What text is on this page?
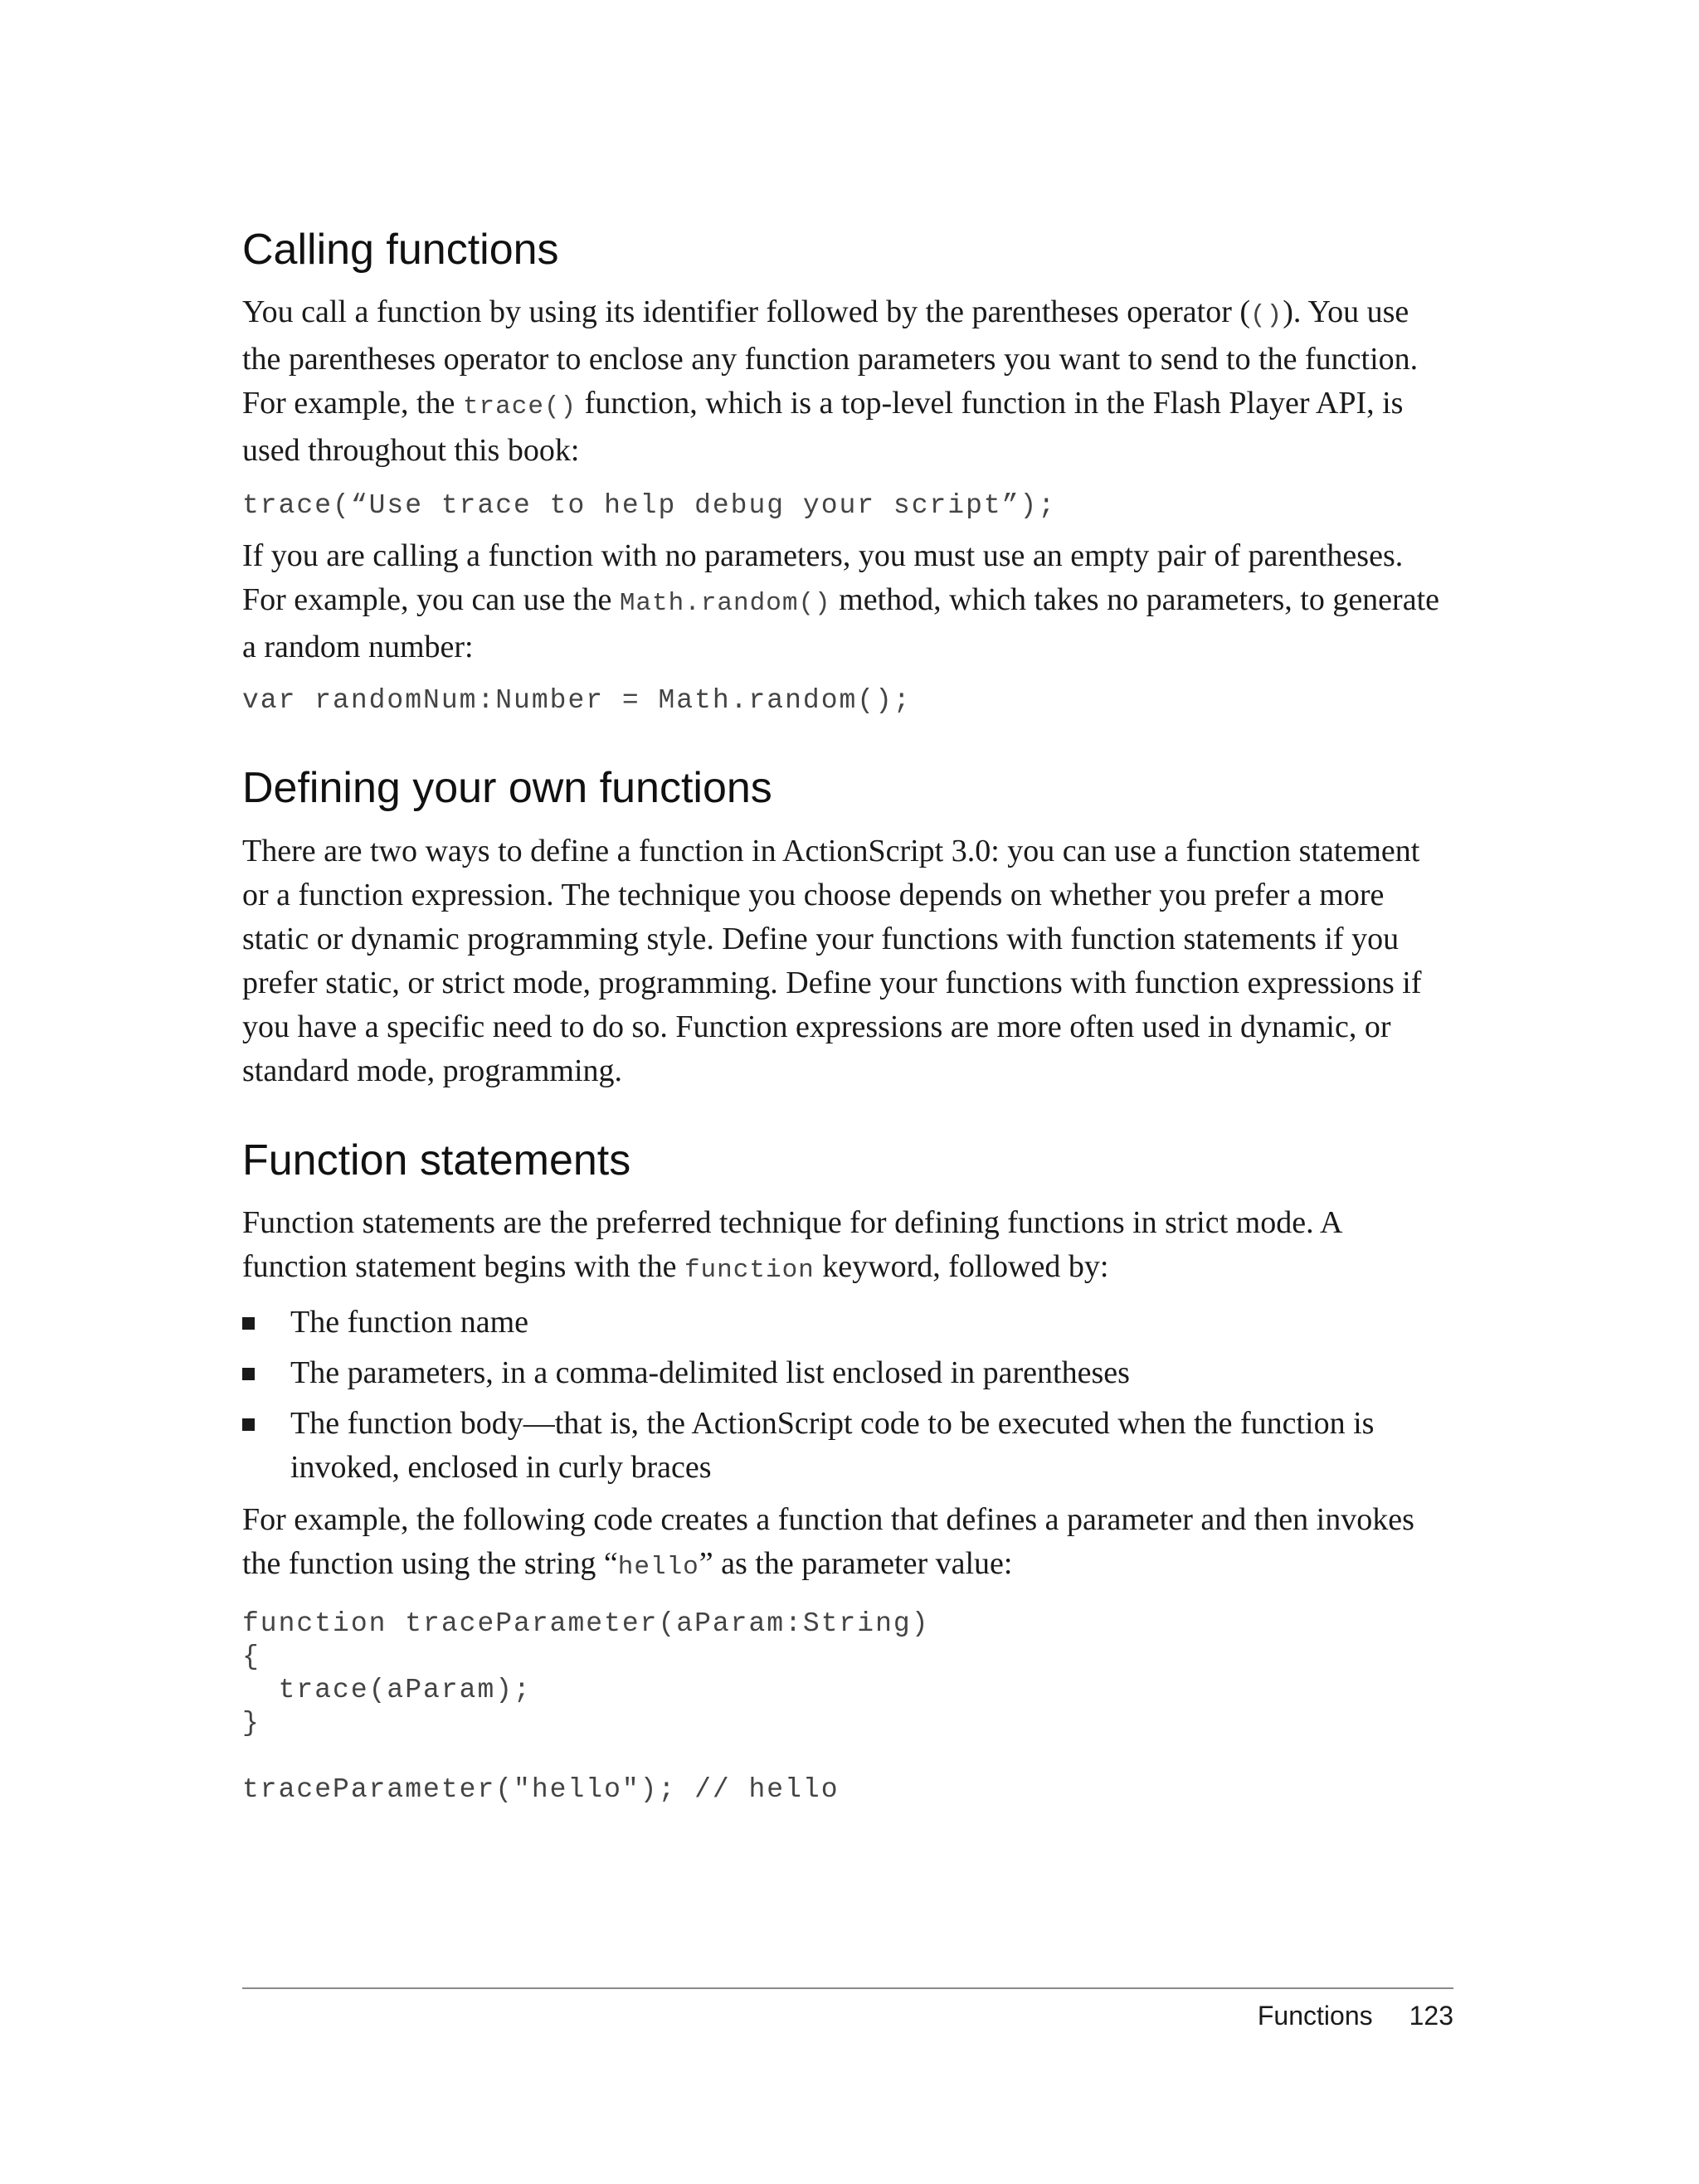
Calling functions

You call a function by using its identifier followed by the parentheses operator (()). You use the parentheses operator to enclose any function parameters you want to send to the function. For example, the trace() function, which is a top-level function in the Flash Player API, is used throughout this book:

trace(“Use trace to help debug your script”);

If you are calling a function with no parameters, you must use an empty pair of parentheses. For example, you can use the Math.random() method, which takes no parameters, to generate a random number:

var randomNum:Number = Math.random();
Defining your own functions

There are two ways to define a function in ActionScript 3.0: you can use a function statement or a function expression. The technique you choose depends on whether you prefer a more static or dynamic programming style. Define your functions with function statements if you prefer static, or strict mode, programming. Define your functions with function expressions if you have a specific need to do so. Function expressions are more often used in dynamic, or standard mode, programming.

Function statements

Function statements are the preferred technique for defining functions in strict mode. A function statement begins with the function keyword, followed by:

The function name
The parameters, in a comma-delimited list enclosed in parentheses
The function body—that is, the ActionScript code to be executed when the function is invoked, enclosed in curly braces

For example, the following code creates a function that defines a parameter and then invokes the function using the string “hello” as the parameter value:

function traceParameter(aParam:String)
{
trace(aParam);
}

traceParameter("hello"); // hello
Functions 123
